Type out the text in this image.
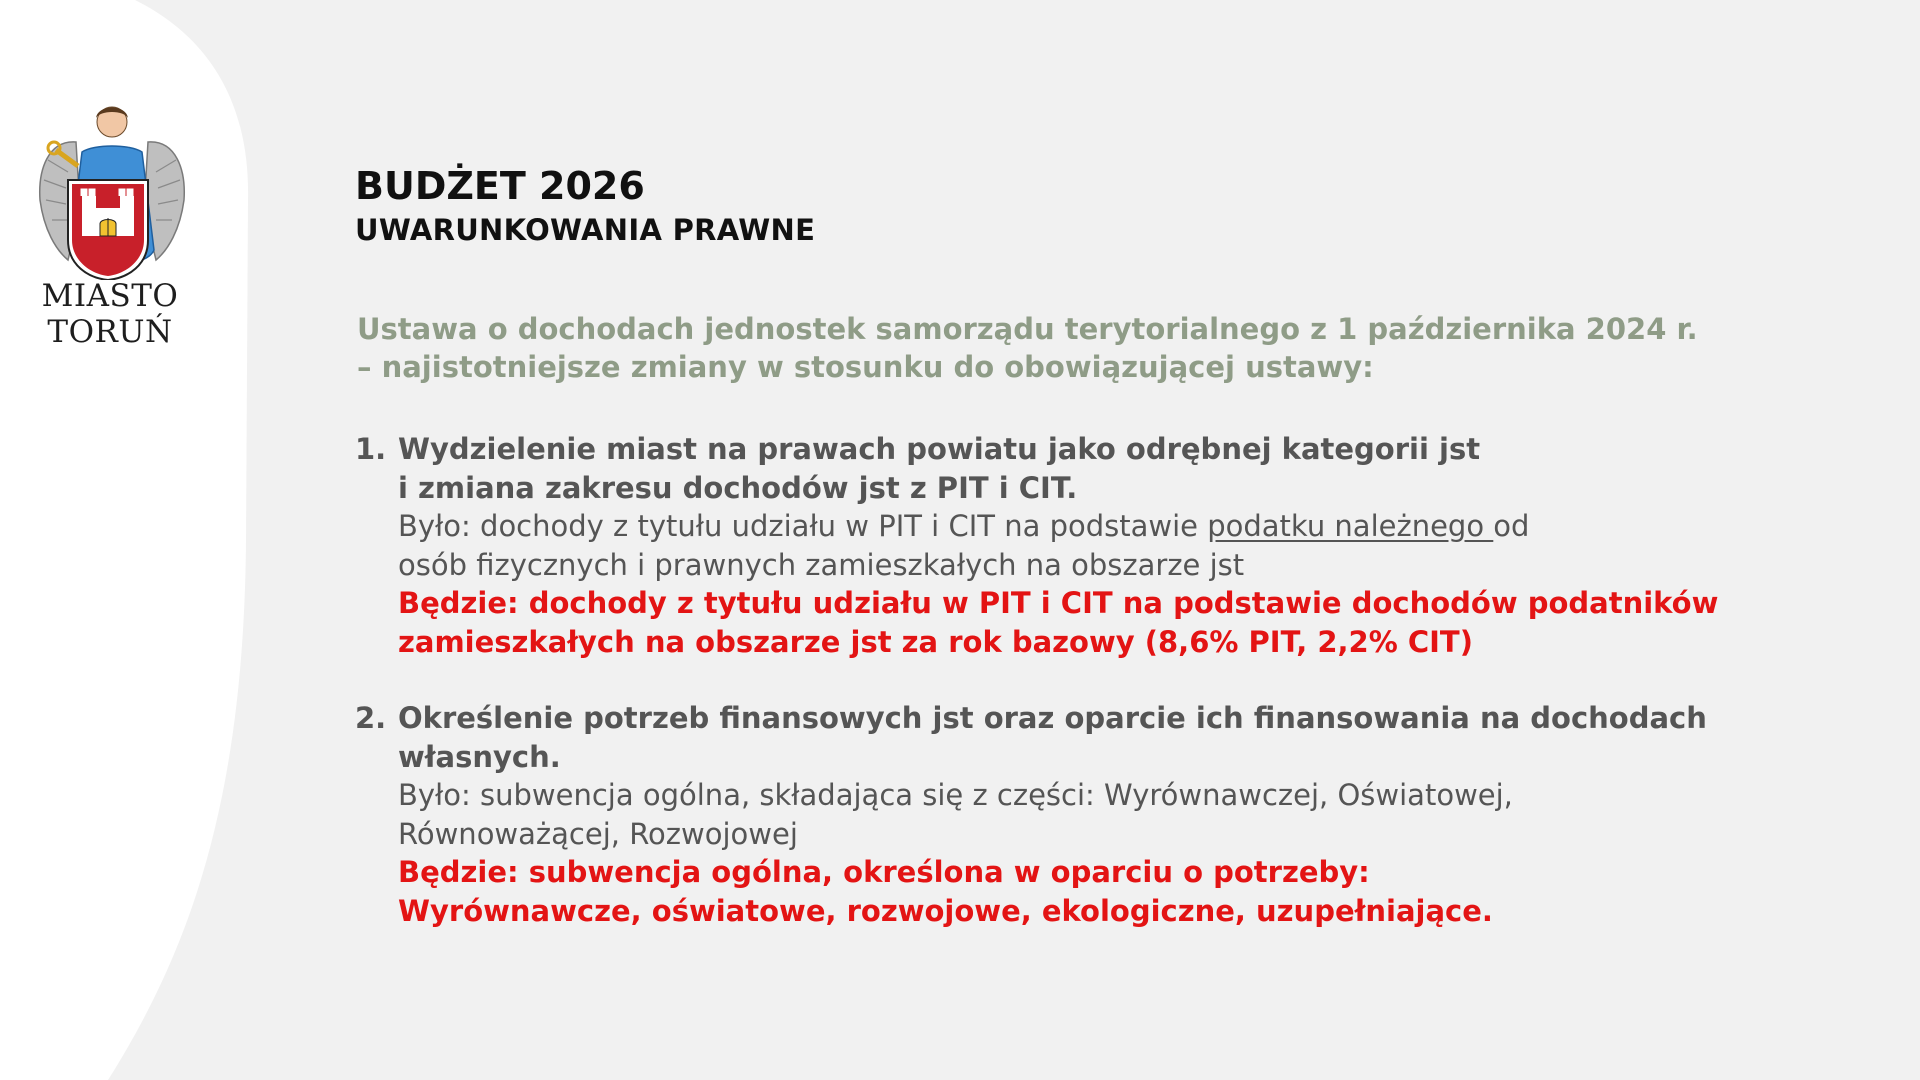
MIASTO
TORUŃ
BUDŻET 2026
UWARUNKOWANIA PRAWNE
Ustawa o dochodach jednostek samorządu terytorialnego z 1 października 2024 r.
– najistotniejsze zmiany w stosunku do obowiązującej ustawy:
1. Wydzielenie miast na prawach powiatu jako odrębnej kategorii jst
i zmiana zakresu dochodów jst z PIT i CIT.
Było: dochody z tytułu udziału w PIT i CIT na podstawie podatku należnego od
osób fizycznych i prawnych zamieszkałych na obszarze jst
Będzie: dochody z tytułu udziału w PIT i CIT na podstawie dochodów podatników
zamieszkałych na obszarze jst za rok bazowy (8,6% PIT, 2,2% CIT)
2. Określenie potrzeb finansowych jst oraz oparcie ich finansowania na dochodach
własnych.
Było: subwencja ogólna, składająca się z części: Wyrównawczej, Oświatowej,
Równoważącej, Rozwojowej
Będzie: subwencja ogólna, określona w oparciu o potrzeby:
Wyrównawcze, oświatowe, rozwojowe, ekologiczne, uzupełniające.
